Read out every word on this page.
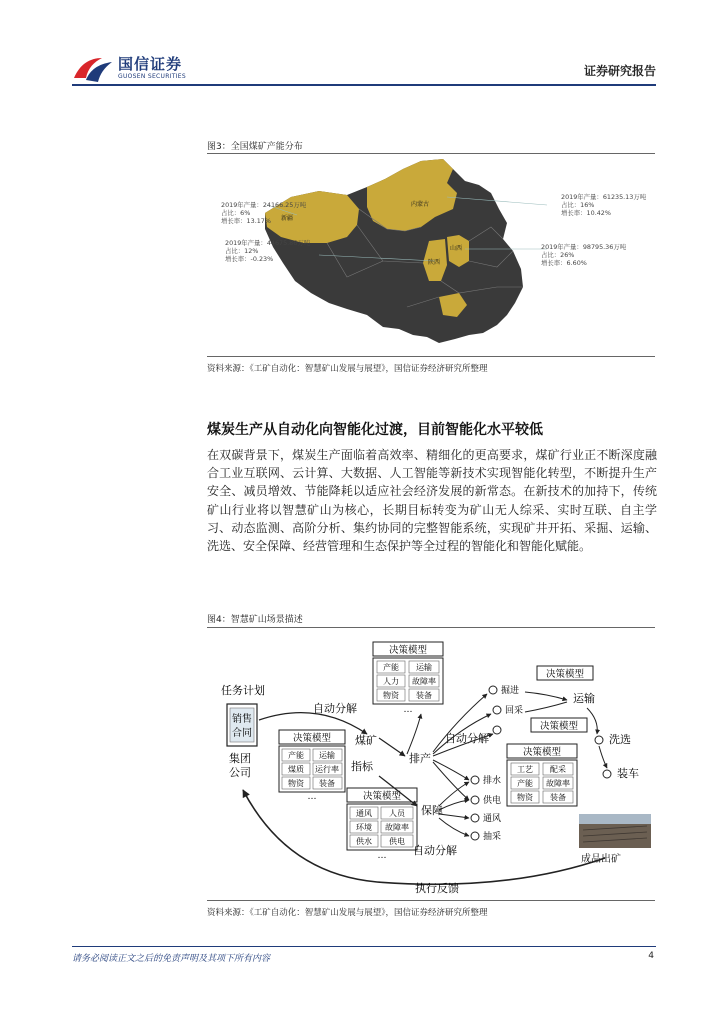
国信证券
GUOSEN SECURITIES	证券研究报告
图3：全国煤矿产能分布
新疆
内蒙古
山西
陕西
2019年产量：24166.25万吨
占比：6%
增长率：13.17%
2019年产量：61235.13万吨
占比：16%
增长率：10.42%
2019年产量：44675.86万吨
占比：12%
增长率：-0.23%
2019年产量：98795.36万吨
占比：26%
增长率：6.60%
资料来源：《工矿自动化：智慧矿山发展与展望》，国信证券经济研究所整理
煤炭生产从自动化向智能化过渡，目前智能化水平较低
在双碳背景下，煤炭生产面临着高效率、精细化的更高要求，煤矿行业正不断深度融合工业互联网、云计算、大数据、人工智能等新技术实现智能化转型，不断提升生产安全、减员增效、节能降耗以适应社会经济发展的新常态。在新技术的加持下，传统矿山行业将以智慧矿山为核心，长期目标转变为矿山无人综采、实时互联、自主学习、动态监测、高阶分析、集约协同的完整智能系统，实现矿井开拓、采掘、运输、洗选、安全保障、经营管理和生态保护等全过程的智能化和智能化赋能。
图4：智慧矿山场景描述
任务计划
销售
合同
集团
公司
自动分解
决策模型
产能 运输
人力 故障率
物资 装备
…
决策模型
产能 运输
煤质 运行率
物资 装备
…
煤矿
指标
排产
自动分解
掘进
回采
决策模型
运输
决策模型
洗选
装车
决策模型
工艺 配采
产能 故障率
物资 装备
决策模型
通风 人员
环境 故障率
供水 供电
…
保障
自动分解
排水
供电
通风
抽采
成品出矿
执行反馈
资料来源：《工矿自动化：智慧矿山发展与展望》，国信证券经济研究所整理
请务必阅读正文之后的免责声明及其项下所有内容	4
